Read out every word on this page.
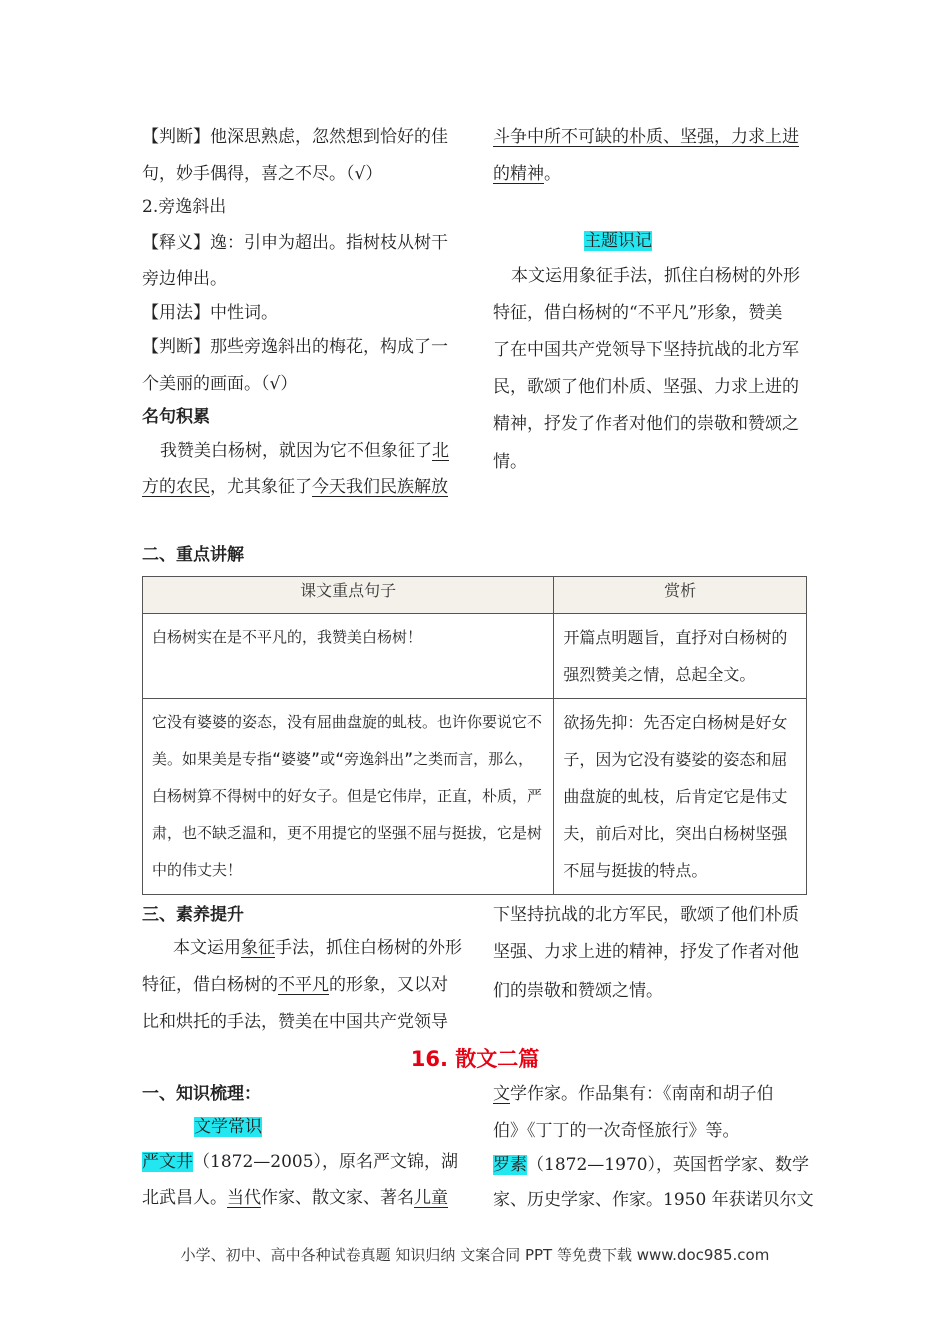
【判断】他深思熟虑，忽然想到恰好的佳
句，妙手偶得，喜之不尽。（√）
2.旁逸斜出
【释义】逸：引申为超出。指树枝从树干
旁边伸出。
【用法】中性词。
【判断】那些旁逸斜出的梅花，构成了一
个美丽的画面。（√）
名句积累
我赞美白杨树，就因为它不但象征了北
方的农民，尤其象征了今天我们民族解放
斗争中所不可缺的朴质、坚强，力求上进
的精神。
主题识记
本文运用象征手法，抓住白杨树的外形
特征，借白杨树的“不平凡”形象，赞美
了在中国共产党领导下坚持抗战的北方军
民，歌颂了他们朴质、坚强、力求上进的
精神，抒发了作者对他们的崇敬和赞颂之
情。
二、重点讲解
课文重点句子	赏析

白杨树实在是不平凡的，我赞美白杨树！	开篇点明题旨，直抒对白杨树的强烈赞美之情，总起全文。

它没有婆婆的姿态，没有屈曲盘旋的虬枝。也许你要说它不美。如果美是专指“婆婆”或“旁逸斜出”之类而言，那么，白杨树算不得树中的好女子。但是它伟岸，正直，朴质，严肃，也不缺乏温和，更不用提它的坚强不屈与挺拔，它是树中的伟丈夫！	欲扬先抑：先否定白杨树是好女子，因为它没有婆娑的姿态和屈曲盘旋的虬枝，后肯定它是伟丈夫，前后对比，突出白杨树坚强不屈与挺拔的特点。
三、素养提升
本文运用象征手法，抓住白杨树的外形
特征，借白杨树的不平凡的形象，又以对
比和烘托的手法，赞美在中国共产党领导
下坚持抗战的北方军民，歌颂了他们朴质
坚强、力求上进的精神，抒发了作者对他
们的崇敬和赞颂之情。
16. 散文二篇
一、知识梳理：
文学常识
严文井（1872—2005），原名严文锦，湖
北武昌人。当代作家、散文家、著名儿童
文学作家。作品集有：《南南和胡子伯
伯》《丁丁的一次奇怪旅行》等。
罗素（1872—1970），英国哲学家、数学
家、历史学家、作家。1950 年获诺贝尔文
小学、初中、高中各种试卷真题 知识归纳 文案合同 PPT 等免费下载 www.doc985.com
